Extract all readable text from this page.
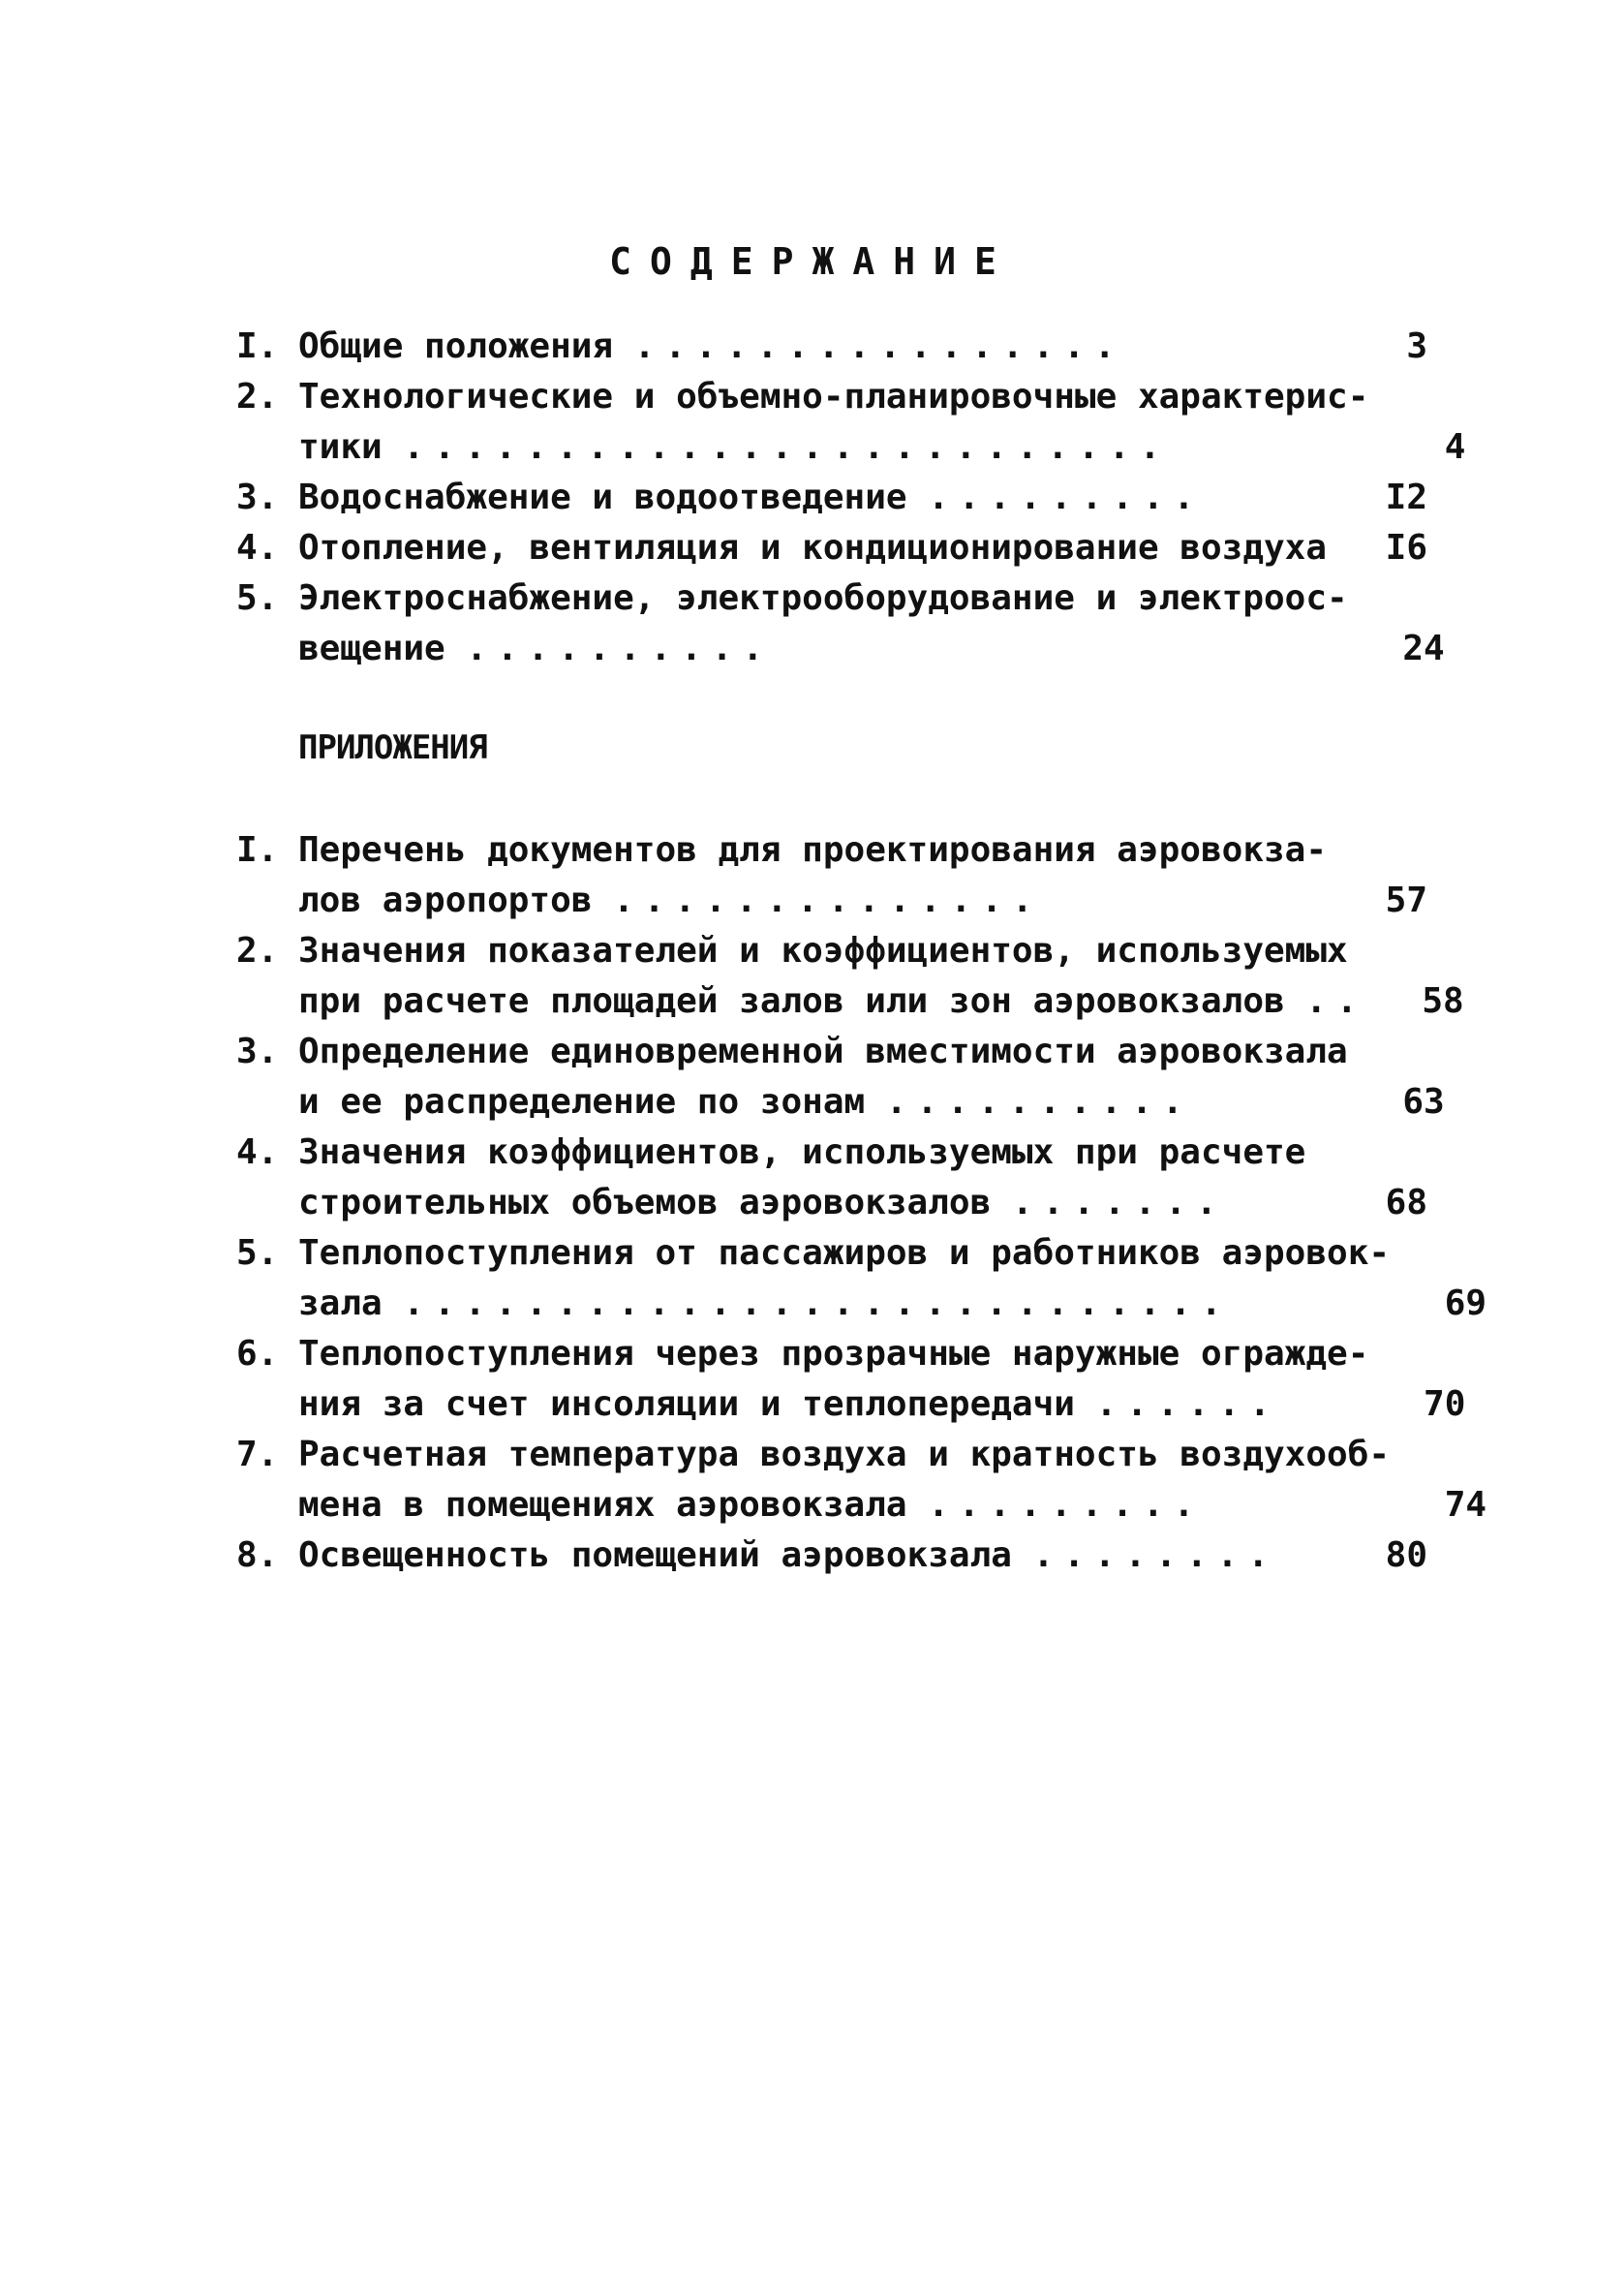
СОДЕРЖАНИЕ
I. Общие положения ................	3
2. Технологические и объемно-планировочные характерис-
тики .........................	4
3. Водоснабжение и водоотведение .........	I2
4. Отопление, вентиляция и кондиционирование воздуха	I6
5. Электроснабжение, электрооборудование и электроос-
вещение ..........	24
ПРИЛОЖЕНИЯ
I. Перечень документов для проектирования аэровокза-
лов аэропортов ..............	57
2. Значения показателей и коэффициентов, используемых
при расчете площадей залов или зон аэровокзалов ..	58
3. Определение единовременной вместимости аэровокзала
и ее распределение по зонам ..........	63
4. Значения коэффициентов, используемых при расчете
строительных объемов аэровокзалов .......	68
5. Теплопоступления от пассажиров и работников аэровок-
зала ...........................	69
6. Теплопоступления через прозрачные наружные огражде-
ния за счет инсоляции и теплопередачи ......	70
7. Расчетная температура воздуха и кратность воздухооб-
мена в помещениях аэровокзала .........	74
8. Освещенность помещений аэровокзала ........	80
